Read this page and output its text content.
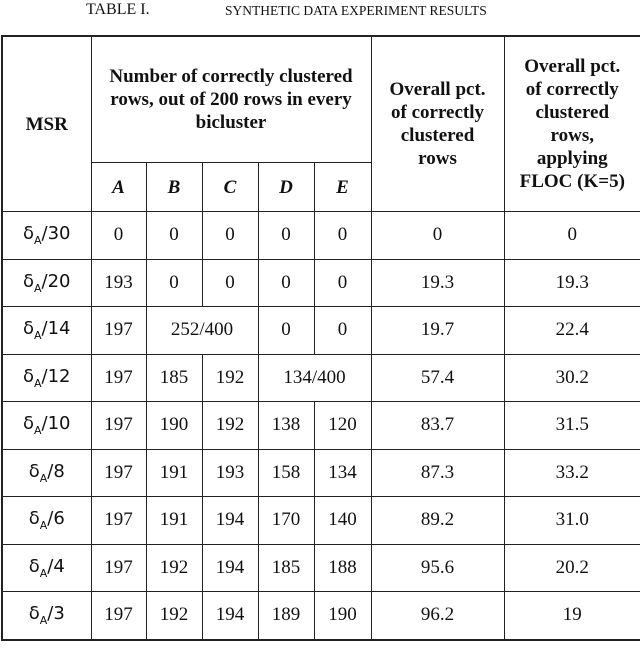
TABLE I.	SYNTHETIC DATA EXPERIMENT RESULTS
MSR	Number of correctly clustered rows, out of 200 rows in every bicluster					Overall pct. of correctly clustered rows	Overall pct. of correctly clustered rows, applying FLOC (K=5)
	A	B	C	D	E		
$\delta_A/30$	0	0	0	0	0	0	0
$\delta_A/20$	193	0	0	0	0	19.3	19.3
$\delta_A/14$	197	252/400		0	0	19.7	22.4
$\delta_A/12$	197	185	192	134/400		57.4	30.2
$\delta_A/10$	197	190	192	138	120	83.7	31.5
$\delta_A/8$	197	191	193	158	134	87.3	33.2
$\delta_A/6$	197	191	194	170	140	89.2	31.0
$\delta_A/4$	197	192	194	185	188	95.6	20.2
$\delta_A/3$	197	192	194	189	190	96.2	19
